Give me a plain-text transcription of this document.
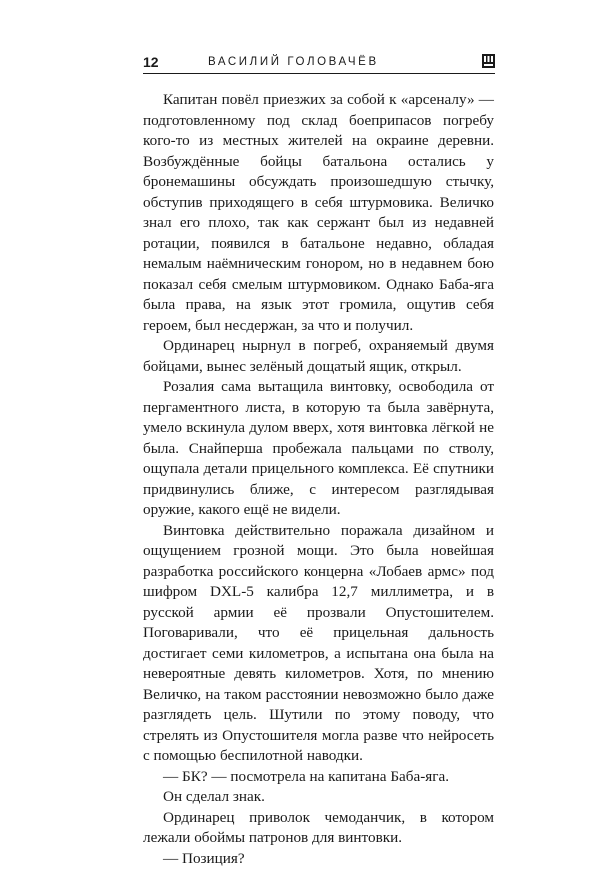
12	ВАСИЛИЙ ГОЛОВАЧЁВ

Капитан повёл приезжих за собой к «арсеналу» — подготовленному под склад боеприпасов погребу кого-то из местных жителей на окраине деревни. Возбуждённые бойцы батальона остались у бронемашины обсуждать произошедшую стычку, обступив приходящего в себя штурмовика. Величко знал его плохо, так как сержант был из недавней ротации, появился в батальоне недавно, обладая немалым наёмническим гонором, но в недавнем бою показал себя смелым штурмовиком. Однако Баба-яга была права, на язык этот громила, ощутив себя героем, был несдержан, за что и получил.

Ординарец нырнул в погреб, охраняемый двумя бойцами, вынес зелёный дощатый ящик, открыл.

Розалия сама вытащила винтовку, освободила от пергаментного листа, в которую та была завёрнута, умело вскинула дулом вверх, хотя винтовка лёгкой не была. Снайперша пробежала пальцами по стволу, ощупала детали прицельного комплекса. Её спутники придвинулись ближе, с интересом разглядывая оружие, какого ещё не видели.

Винтовка действительно поражала дизайном и ощущением грозной мощи. Это была новейшая разработка российского концерна «Лобаев армс» под шифром DXL-5 калибра 12,7 миллиметра, и в русской армии её прозвали Опустошителем. Поговаривали, что её прицельная дальность достигает семи километров, а испытана она была на невероятные девять километров. Хотя, по мнению Величко, на таком расстоянии невозможно было даже разглядеть цель. Шутили по этому поводу, что стрелять из Опустошителя могла разве что нейросеть с помощью беспилотной наводки.

— БК? — посмотрела на капитана Баба-яга.

Он сделал знак.

Ординарец приволок чемоданчик, в котором лежали обоймы патронов для винтовки.

— Позиция?
